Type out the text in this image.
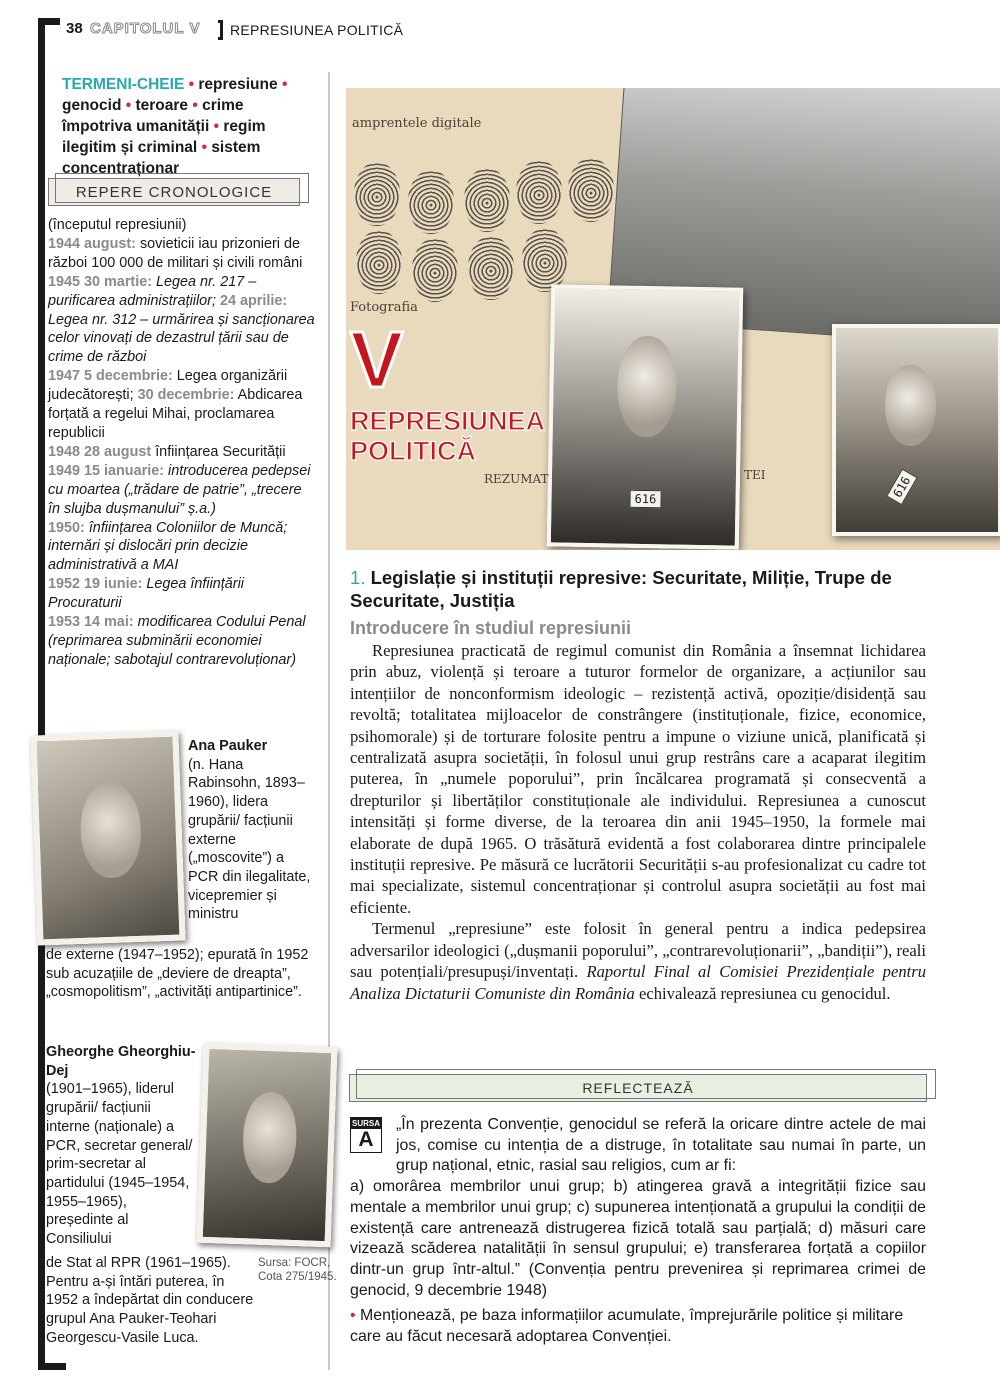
38 CAPITOLUL V REPRESIUNEA POLITICĂ
TERMENI-CHEIE • represiune • genocid • teroare • crime împotriva umanității • regim ilegitim și criminal • sistem concentraționar
REPERE CRONOLOGICE

(începutul represiunii)

1944 august: sovieticii iau prizonieri de război 100 000 de militari și civili români

1945 30 martie: Legea nr. 217 – purificarea administrațiilor; 24 aprilie: Legea nr. 312 – urmărirea și sancționarea celor vinovați de dezastrul țării sau de crime de război

1947 5 decembrie: Legea organizării judecătorești; 30 decembrie: Abdicarea forțată a regelui Mihai, proclamarea republicii

1948 28 august înființarea Securității

1949 15 ianuarie: introducerea pedepsei cu moartea („trădare de patrie”, „trecere în slujba dușmanului” ș.a.)

1950: înființarea Coloniilor de Muncă; internări și dislocări prin decizie administrativă a MAI

1952 19 iunie: Legea înființării Procuraturii

1953 14 mai: modificarea Codului Penal (reprimarea subminării economiei naționale; sabotajul contrarevoluționar)

Ana Pauker
(n. Hana Rabinsohn, 1893–1960), lidera grupării/ facțiunii externe („moscovite”) a PCR din ilegalitate, vicepremier și ministru
de externe (1947–1952); epurată în 1952 sub acuzațiile de „deviere de dreapta”, „cosmopolitism”, „activități antipartinice”.
Gheorghe Gheorghiu-Dej
(1901–1965), liderul grupării/ facțiunii interne (naționale) a PCR, secretar general/ prim-secretar al partidului (1945–1954, 1955–1965), președinte al Consiliului
de Stat al RPR (1961–1965). Pentru a-și întări puterea, în 1952 a îndepărtat din conducere grupul Ana Pauker-Teohari Georgescu-Vasile Luca.
Sursa: FOCR, Cota 275/1945.
amprentele digitale
Fotografia
616	616
REZUMAT	TEI
V
REPRESIUNEA POLITICĂ
1. Legislație și instituții represive: Securitate, Miliție, Trupe de Securitate, Justiția
Introducere în studiul represiunii

Represiunea practicată de regimul comunist din România a însemnat lichidarea prin abuz, violență și teroare a tuturor formelor de organizare, a acțiunilor sau intențiilor de nonconformism ideologic – rezistență activă, opoziție/disidență sau revoltă; totalitatea mijloacelor de constrângere (instituționale, fizice, economice, psihomorale) și de torturare folosite pentru a impune o viziune unică, planificată și centralizată asupra societății, în folosul unui grup restrâns care a acaparat ilegitim puterea, în „numele poporului”, prin încălcarea programată și consecventă a drepturilor și libertăților constituționale ale individului. Represiunea a cunoscut intensități și forme diverse, de la teroarea din anii 1945–1950, la formele mai elaborate de după 1965. O trăsătură evidentă a fost colaborarea dintre principalele instituții represive. Pe măsură ce lucrătorii Securității s-au profesionalizat cu cadre tot mai specializate, sistemul concentraționar și controlul asupra societății au fost mai eficiente.

Termenul „represiune” este folosit în general pentru a indica pedepsirea adversarilor ideologici („dușmanii poporului”, „contrarevoluționarii”, „bandiții”), reali sau potențiali/presupuși/inventați. Raportul Final al Comisiei Prezidențiale pentru Analiza Dictaturii Comuniste din România echivalează represiunea cu genocidul.

REFLECTEAZĂ
SURSA
A
„În prezenta Convenție, genocidul se referă la oricare dintre actele de mai jos, comise cu intenția de a distruge, în totalitate sau numai în parte, un grup național, etnic, rasial sau religios, cum ar fi:
a) omorârea membrilor unui grup; b) atingerea gravă a integrității fizice sau mentale a membrilor unui grup; c) supunerea intenționată a grupului la condiții de existență care antrenează distrugerea fizică totală sau parțială; d) măsuri care vizează scăderea natalității în sensul grupului; e) transferarea forțată a copiilor dintr-un grup într-altul.” (Convenția pentru prevenirea și reprimarea crimei de genocid, 9 decembrie 1948)
• Menționează, pe baza informațiilor acumulate, împrejurările politice și militare care au făcut necesară adoptarea Convenției.
